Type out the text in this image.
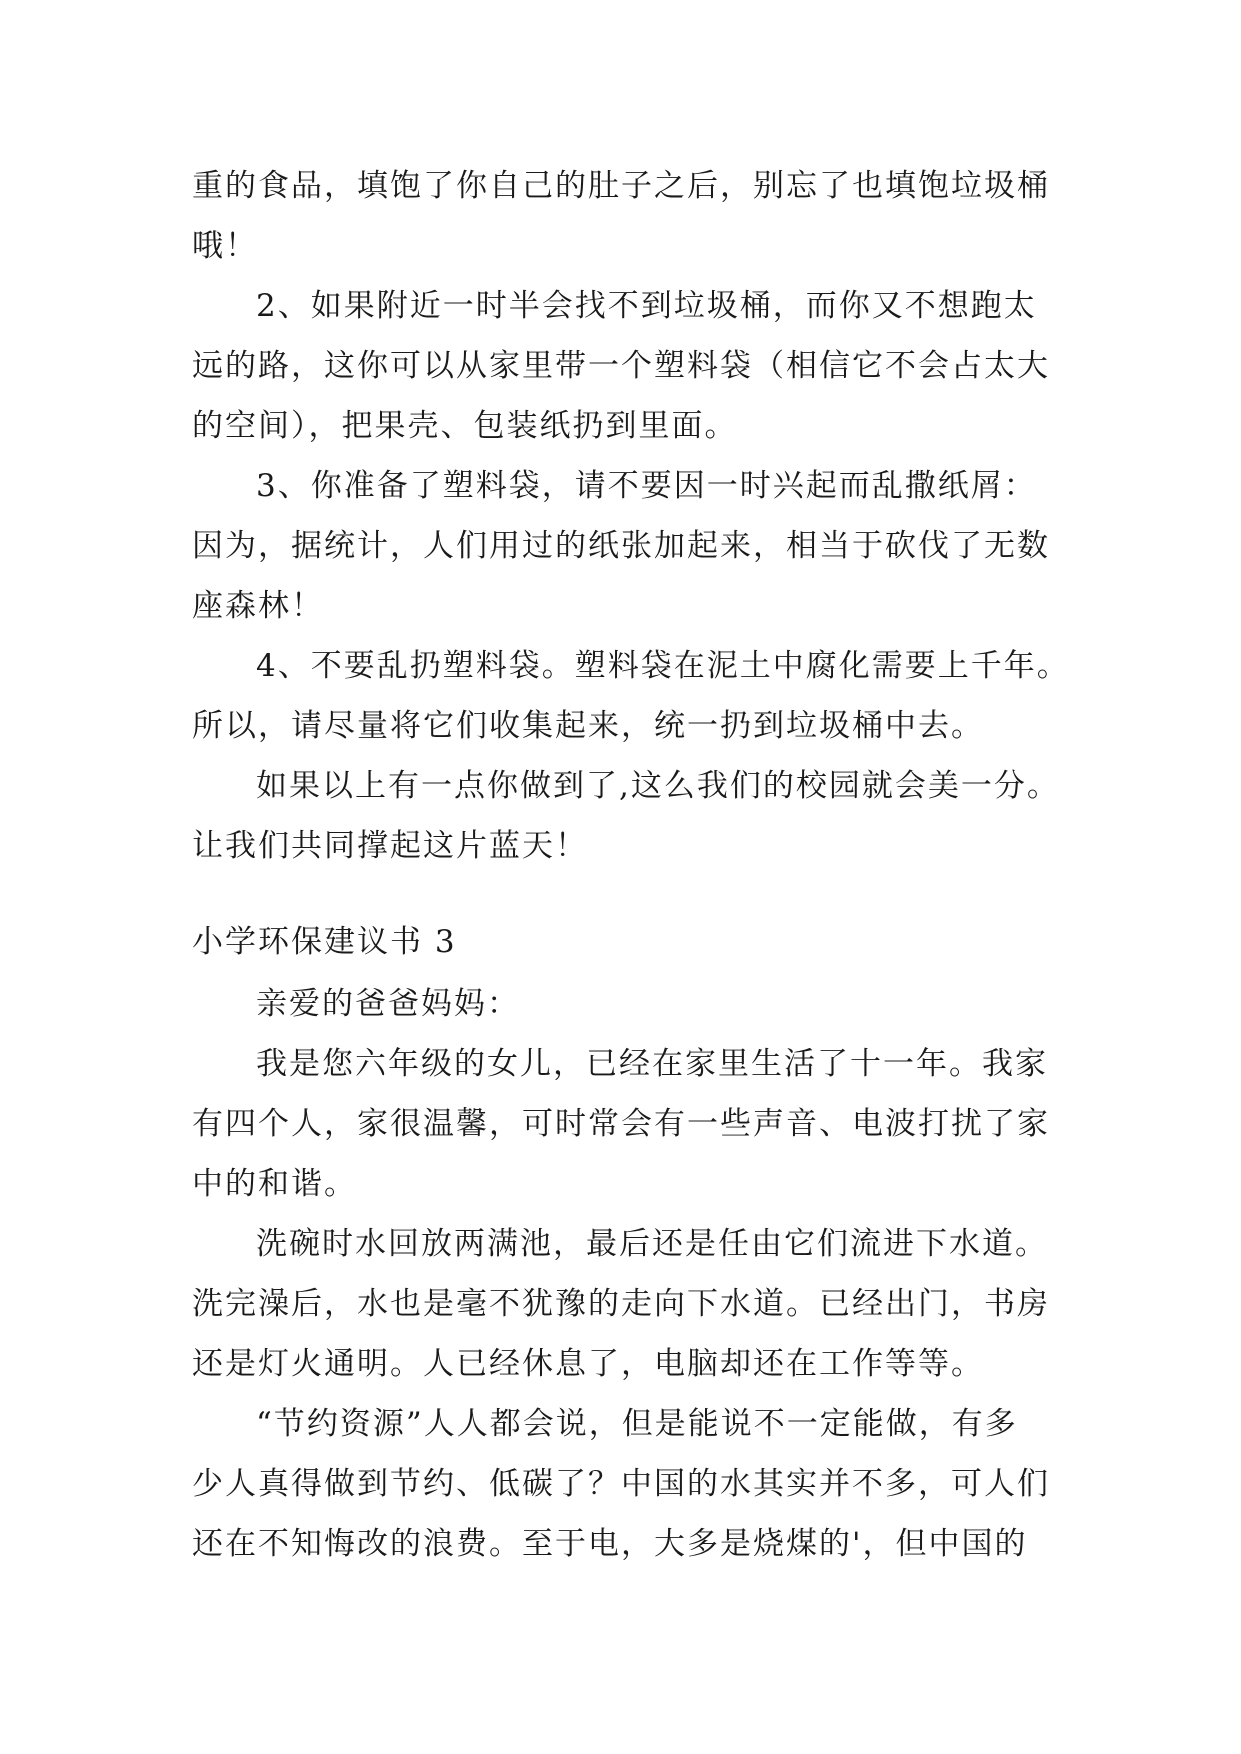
重的食品，填饱了你自己的肚子之后，别忘了也填饱垃圾桶
哦！
2、如果附近一时半会找不到垃圾桶，而你又不想跑太
远的路，这你可以从家里带一个塑料袋（相信它不会占太大
的空间），把果壳、包装纸扔到里面。
3、你准备了塑料袋，请不要因一时兴起而乱撒纸屑：
因为，据统计，人们用过的纸张加起来，相当于砍伐了无数
座森林！
4、不要乱扔塑料袋。塑料袋在泥土中腐化需要上千年。
所以，请尽量将它们收集起来，统一扔到垃圾桶中去。
如果以上有一点你做到了,这么我们的校园就会美一分。
让我们共同撑起这片蓝天！
小学环保建议书 3
亲爱的爸爸妈妈：
我是您六年级的女儿，已经在家里生活了十一年。我家
有四个人，家很温馨，可时常会有一些声音、电波打扰了家
中的和谐。
洗碗时水回放两满池，最后还是任由它们流进下水道。
洗完澡后，水也是毫不犹豫的走向下水道。已经出门，书房
还是灯火通明。人已经休息了，电脑却还在工作等等。
“节约资源”人人都会说，但是能说不一定能做，有多
少人真得做到节约、低碳了？中国的水其实并不多，可人们
还在不知悔改的浪费。至于电，大多是烧煤的'，但中国的
